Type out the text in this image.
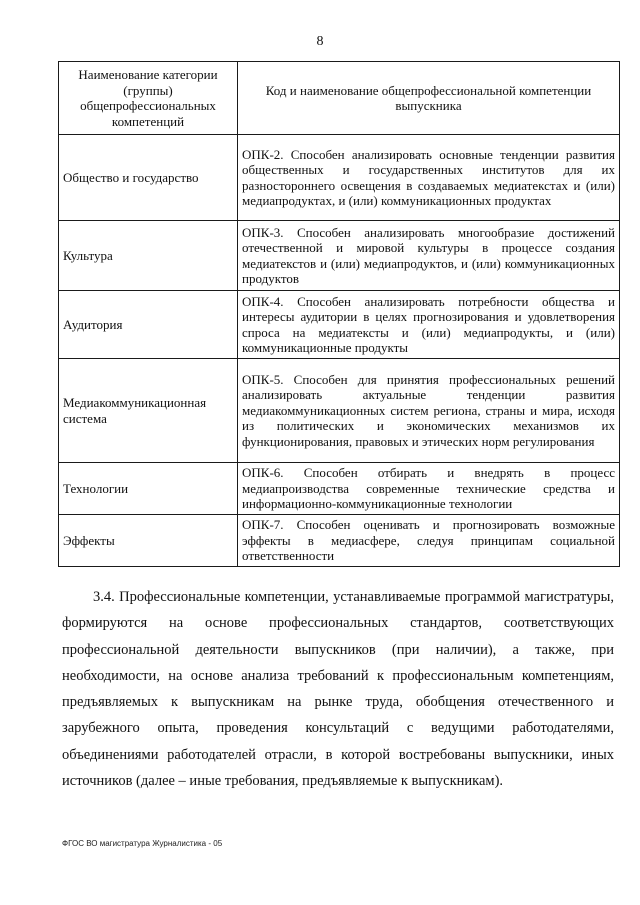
8
Наименование категории (группы) общепрофессиональных компетенций	Код и наименование общепрофессиональной компетенции выпускника
Общество и государство	ОПК-2. Способен анализировать основные тенденции развития общественных и государственных институтов для их разностороннего освещения в создаваемых медиатекстах и (или) медиапродуктах, и (или) коммуникационных продуктах
Культура	ОПК-3. Способен анализировать многообразие достижений отечественной и мировой культуры в процессе создания медиатекстов и (или) медиапродуктов, и (или) коммуникационных продуктов
Аудитория	ОПК-4. Способен анализировать потребности общества и интересы аудитории в целях прогнозирования и удовлетворения спроса на медиатексты и (или) медиапродукты, и (или) коммуникационные продукты
Медиакоммуникационная система	ОПК-5. Способен для принятия профессиональных решений анализировать актуальные тенденции развития медиакоммуникационных систем региона, страны и мира, исходя из политических и экономических механизмов их функционирования, правовых и этических норм регулирования
Технологии	ОПК-6. Способен отбирать и внедрять в процесс медиапроизводства современные технические средства и информационно-коммуникационные технологии
Эффекты	ОПК-7. Способен оценивать и прогнозировать возможные эффекты в медиасфере, следуя принципам социальной ответственности

3.4. Профессиональные компетенции, устанавливаемые программой магистратуры, формируются на основе профессиональных стандартов, соответствующих профессиональной деятельности выпускников (при наличии), а также, при необходимости, на основе анализа требований к профессиональным компетенциям, предъявляемых к выпускникам на рынке труда, обобщения отечественного и зарубежного опыта, проведения консультаций с ведущими работодателями, объединениями работодателей отрасли, в которой востребованы выпускники, иных источников (далее – иные требования, предъявляемые к выпускникам).

ФГОС ВО магистратура Журналистика - 05
